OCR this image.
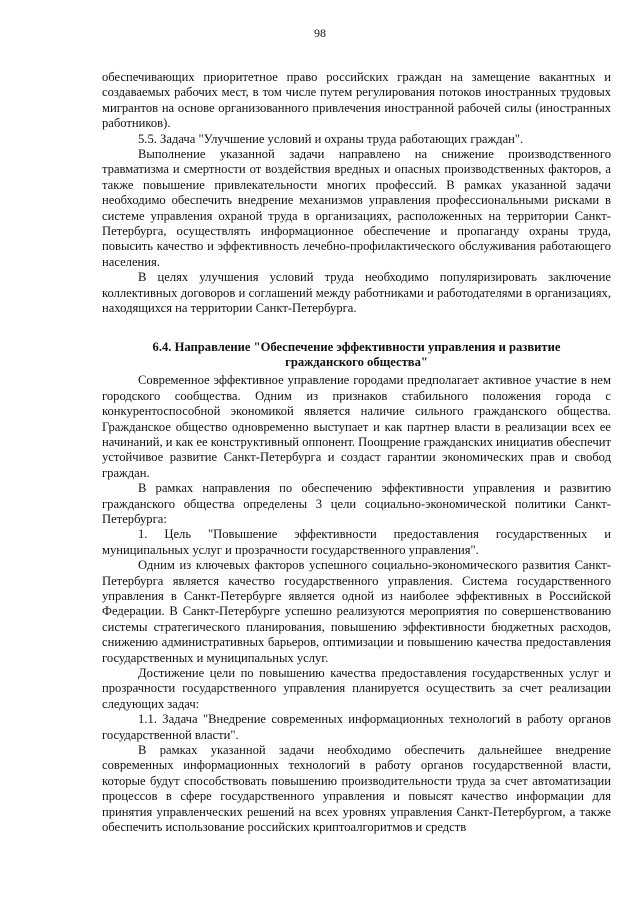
98

обеспечивающих приоритетное право российских граждан на замещение вакантных и создаваемых рабочих мест, в том числе путем регулирования потоков иностранных трудовых мигрантов на основе организованного привлечения иностранной рабочей силы (иностранных работников).

5.5. Задача "Улучшение условий и охраны труда работающих граждан".

Выполнение указанной задачи направлено на снижение производственного травматизма и смертности от воздействия вредных и опасных производственных факторов, а также повышение привлекательности многих профессий. В рамках указанной задачи необходимо обеспечить внедрение механизмов управления профессиональными рисками в системе управления охраной труда в организациях, расположенных на территории Санкт-Петербурга, осуществлять информационное обеспечение и пропаганду охраны труда, повысить качество и эффективность лечебно-профилактического обслуживания работающего населения.

В целях улучшения условий труда необходимо популяризировать заключение коллективных договоров и соглашений между работниками и работодателями в организациях, находящихся на территории Санкт-Петербурга.

6.4. Направление "Обеспечение эффективности управления и развитие гражданского общества"

Современное эффективное управление городами предполагает активное участие в нем городского сообщества. Одним из признаков стабильного положения города с конкурентоспособной экономикой является наличие сильного гражданского общества. Гражданское общество одновременно выступает и как партнер власти в реализации всех ее начинаний, и как ее конструктивный оппонент. Поощрение гражданских инициатив обеспечит устойчивое развитие Санкт-Петербурга и создаст гарантии экономических прав и свобод граждан.

В рамках направления по обеспечению эффективности управления и развитию гражданского общества определены 3 цели социально-экономической политики Санкт-Петербурга:

1. Цель "Повышение эффективности предоставления государственных и муниципальных услуг и прозрачности государственного управления".

Одним из ключевых факторов успешного социально-экономического развития Санкт-Петербурга является качество государственного управления. Система государственного управления в Санкт-Петербурге является одной из наиболее эффективных в Российской Федерации. В Санкт-Петербурге успешно реализуются мероприятия по совершенствованию системы стратегического планирования, повышению эффективности бюджетных расходов, снижению административных барьеров, оптимизации и повышению качества предоставления государственных и муниципальных услуг.

Достижение цели по повышению качества предоставления государственных услуг и прозрачности государственного управления планируется осуществить за счет реализации следующих задач:

1.1. Задача "Внедрение современных информационных технологий в работу органов государственной власти".

В рамках указанной задачи необходимо обеспечить дальнейшее внедрение современных информационных технологий в работу органов государственной власти, которые будут способствовать повышению производительности труда за счет автоматизации процессов в сфере государственного управления и повысят качество информации для принятия управленческих решений на всех уровнях управления Санкт-Петербургом, а также обеспечить использование российских криптоалгоритмов и средств
